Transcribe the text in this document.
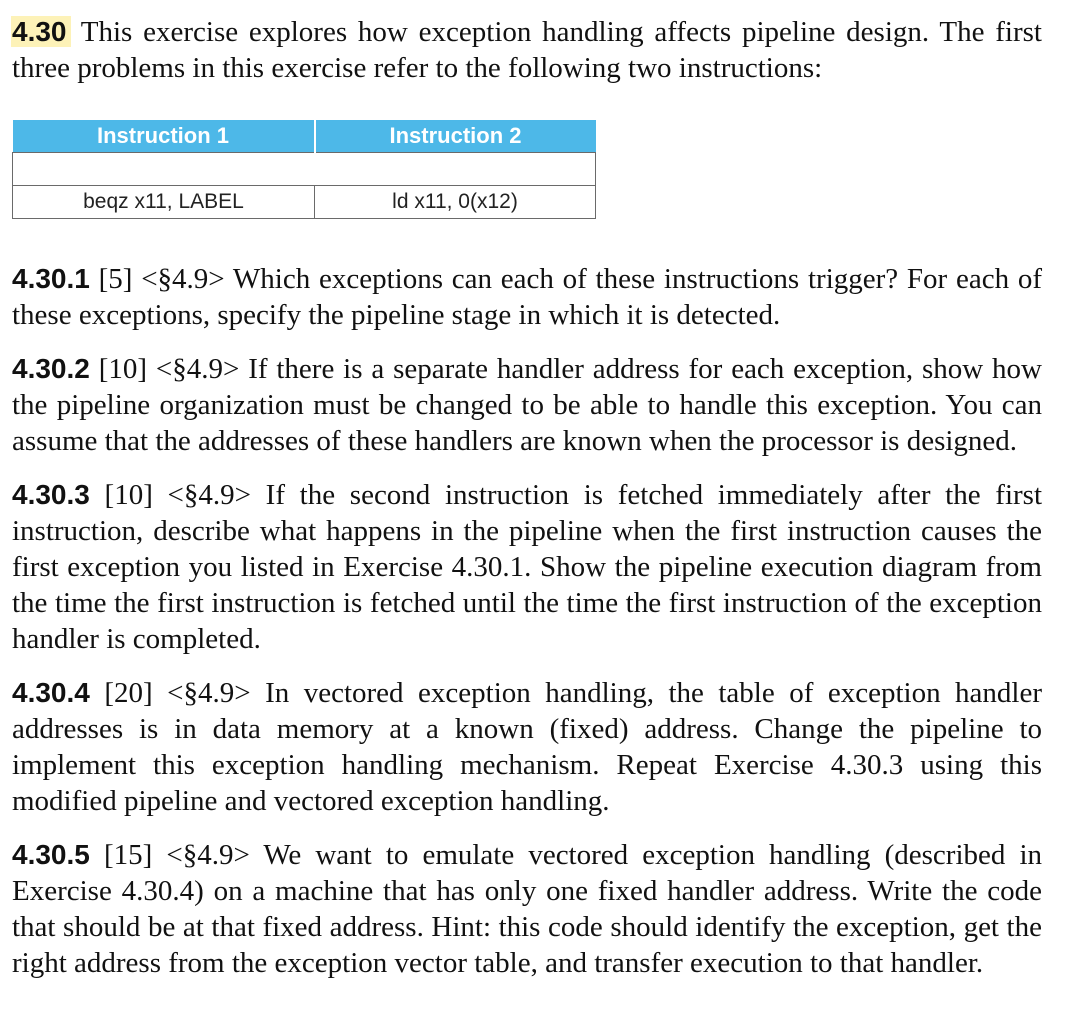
4.30 This exercise explores how exception handling affects pipeline design. The first three problems in this exercise refer to the following two instructions:

Instruction 1	Instruction 2

beqz x11, LABEL	ld x11, 0(x12)

4.30.1 [5] <§4.9> Which exceptions can each of these instructions trigger? For each of these exceptions, specify the pipeline stage in which it is detected.

4.30.2 [10] <§4.9> If there is a separate handler address for each exception, show how the pipeline organization must be changed to be able to handle this exception. You can assume that the addresses of these handlers are known when the processor is designed.

4.30.3 [10] <§4.9> If the second instruction is fetched immediately after the first instruction, describe what happens in the pipeline when the first instruction causes the first exception you listed in Exercise 4.30.1. Show the pipeline execution diagram from the time the first instruction is fetched until the time the first instruction of the exception handler is completed.

4.30.4 [20] <§4.9> In vectored exception handling, the table of exception handler addresses is in data memory at a known (fixed) address. Change the pipeline to implement this exception handling mechanism. Repeat Exercise 4.30.3 using this modified pipeline and vectored exception handling.

4.30.5 [15] <§4.9> We want to emulate vectored exception handling (described in Exercise 4.30.4) on a machine that has only one fixed handler address. Write the code that should be at that fixed address. Hint: this code should identify the exception, get the right address from the exception vector table, and transfer execution to that handler.
